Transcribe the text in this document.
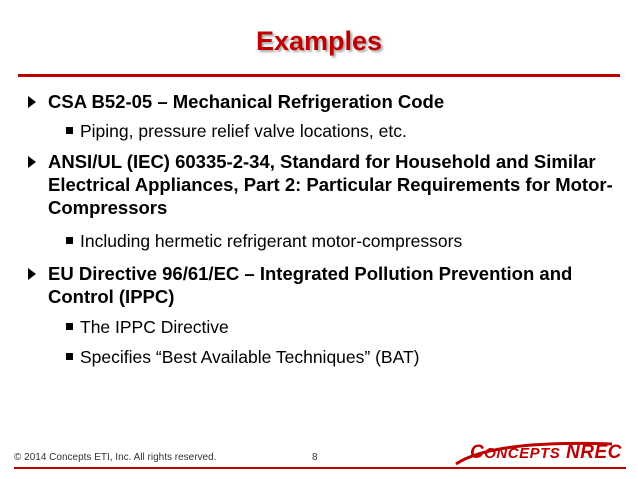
Examples
CSA B52-05 – Mechanical Refrigeration Code
Piping, pressure relief valve locations, etc.
ANSI/UL (IEC) 60335-2-34, Standard for Household and Similar Electrical Appliances, Part 2: Particular Requirements for Motor-Compressors
Including hermetic refrigerant motor-compressors
EU Directive 96/61/EC – Integrated Pollution Prevention and Control (IPPC)
The IPPC Directive
Specifies “Best Available Techniques” (BAT)
© 2014 Concepts ETI, Inc. All rights reserved.	8	CONCEPTS NREC
